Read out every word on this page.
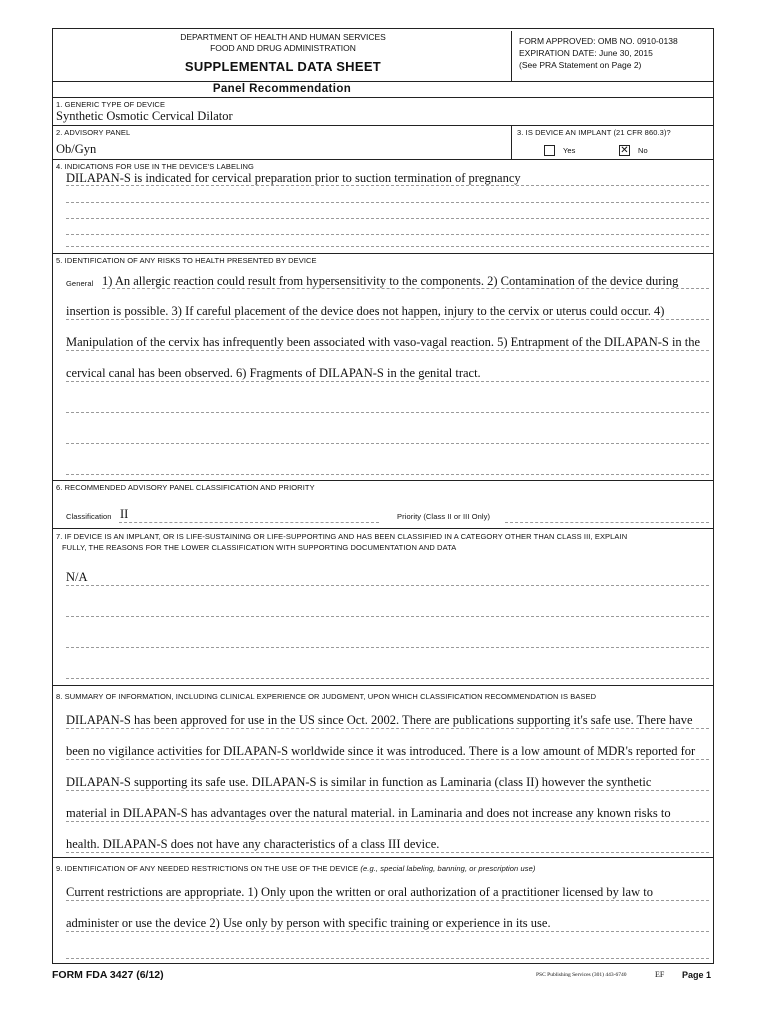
DEPARTMENT OF HEALTH AND HUMAN SERVICES
FOOD AND DRUG ADMINISTRATION
SUPPLEMENTAL DATA SHEET
FORM APPROVED: OMB NO. 0910-0138
EXPIRATION DATE: June 30, 2015
(See PRA Statement on Page 2)
Panel Recommendation
1. GENERIC TYPE OF DEVICE
Synthetic Osmotic Cervical Dilator
2. ADVISORY PANEL
Ob/Gyn
3. IS DEVICE AN IMPLANT (21 CFR 860.3)?
Yes	✕ No
4. INDICATIONS FOR USE IN THE DEVICE'S LABELING
DILAPAN-S is indicated for cervical preparation prior to suction termination of pregnancy
5. IDENTIFICATION OF ANY RISKS TO HEALTH PRESENTED BY DEVICE
General 1) An allergic reaction could result from hypersensitivity to the components. 2) Contamination of the device during
insertion is possible. 3) If careful placement of the device does not happen, injury to the cervix or uterus could occur. 4)
Manipulation of the cervix has infrequently been associated with vaso-vagal reaction. 5) Entrapment of the DILAPAN-S in the
cervical canal has been observed. 6) Fragments of DILAPAN-S in the genital tract.
6. RECOMMENDED ADVISORY PANEL CLASSIFICATION AND PRIORITY
Classification II	Priority (Class II or III Only)
7. IF DEVICE IS AN IMPLANT, OR IS LIFE-SUSTAINING OR LIFE-SUPPORTING AND HAS BEEN CLASSIFIED IN A CATEGORY OTHER THAN CLASS III, EXPLAIN
FULLY, THE REASONS FOR THE LOWER CLASSIFICATION WITH SUPPORTING DOCUMENTATION AND DATA
N/A
8. SUMMARY OF INFORMATION, INCLUDING CLINICAL EXPERIENCE OR JUDGMENT, UPON WHICH CLASSIFICATION RECOMMENDATION IS BASED
DILAPAN-S has been approved for use in the US since Oct. 2002. There are publications supporting it's safe use. There have
been no vigilance activities for DILAPAN-S worldwide since it was introduced. There is a low amount of MDR's reported for
DILAPAN-S supporting its safe use. DILAPAN-S is similar in function as Laminaria (class II) however the synthetic
material in DILAPAN-S has advantages over the natural material. in Laminaria and does not increase any known risks to
health. DILAPAN-S does not have any characteristics of a class III device.
9. IDENTIFICATION OF ANY NEEDED RESTRICTIONS ON THE USE OF THE DEVICE (e.g., special labeling, banning, or prescription use)
Current restrictions are appropriate. 1) Only upon the written or oral authorization of a practitioner licensed by law to
administer or use the device 2) Use only by person with specific training or experience in its use.
FORM FDA 3427 (6/12)	PSC Publishing Services (301) 443-6740	EF Page 1
